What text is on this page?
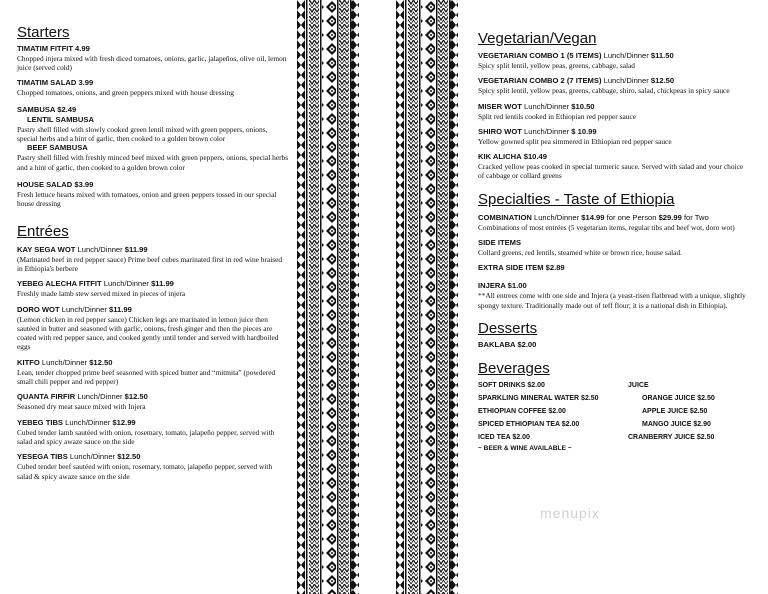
Starters
TIMATIM FITFIT 4.99
Chopped injera mixed with fresh diced tomatoes, onions, garlic, jalapeños, olive oil, lemon juice (served cold)
TIMATIM SALAD 3.99
Chopped tomatoes, onions, and green peppers mixed with house dressing
SAMBUSA $2.49
LENTIL SAMBUSA
Pastry shell filled with slowly cooked green lentil mixed with green peppers, onions, special herbs and a hint of garlic, then cooked to a golden brown color
BEEF SAMBUSA
Pastry shell filled with freshly minced beef mixed with green peppers, onions, special herbs and a hint of garlic, then cooked to a golden brown color
HOUSE SALAD $3.99
Fresh lettuce hearts mixed with tomatoes, onion and green peppers tossed in our special house dressing
Entrées
KAY SEGA WOT Lunch/Dinner $11.99
(Marinated beef in red pepper sauce) Prime beef cubes marinated first in red wine braised in Ethiopia's berbere
YEBEG ALECHA FITFIT Lunch/Dinner $11.99
Freshly made lamb stew served mixed in pieces of injera
DORO WOT Lunch/Dinner $11.99
(Lemon chicken in red pepper sauce) Chicken legs are marinated in lemon juice then sautéed in butter and seasoned with garlic, onions, fresh ginger and then the pieces are coated with red pepper sauce, and cooked gently until tender and served with hardboiled eggs
KITFO Lunch/Dinner $12.50
Lean, tender chopped prime beef seasoned with spiced butter and “mitmita” (powdered small chili pepper and red pepper)
QUANTA FIRFIR Lunch/Dinner $12.50
Seasoned dry meat sauce mixed with Injera
YEBEG TIBS Lunch/Dinner $12.99
Cubed tender lamb sautéed with onion, rosemary, tomato, jalapeño pepper, served with salad and spicy awaze sauce on the side
YESEGA TIBS Lunch/Dinner $12.50
Cubed tender beef sautéed with onion, rosemary, tomato, jalapeño pepper, served with salad & spicy awaze sauce on the side
Vegetarian/Vegan
VEGETARIAN COMBO 1 (5 ITEMS) Lunch/Dinner $11.50
Spicy split lentil, yellow peas, greens, cabbage, salad
VEGETARIAN COMBO 2 (7 ITEMS) Lunch/Dinner $12.50
Spicy split lentil, yellow peas, greens, cabbage, shiro, salad, chickpeas in spicy sauce
MISER WOT Lunch/Dinner $10.50
Split red lentils cooked in Ethiopian red pepper sauce
SHIRO WOT Lunch/Dinner $ 10.99
Yellow gowned split pea simmered in Ethiopian red pepper sauce
KIK ALICHA $10.49
Cracked yellow peas cooked in special turmeric sauce. Served with salad and your choice of cabbage or collard greens
Specialties - Taste of Ethiopia
COMBINATION Lunch/Dinner $14.99 for one Person $29.99 for Two
Combinations of most entrées (5 vegetarian items, regular tibs and beef wot, doro wot)
SIDE ITEMS
Collard greens, red lentils, steamed white or brown rice, house salad.
EXTRA SIDE ITEM $2.89
INJERA $1.00
**All entrees come with one side and Injera (a yeast-risen flatbread with a unique, slightly spongy texture. Traditionally made out of teff flour; it is a national dish in Ethiopia).
Desserts
BAKLABA $2.00
Beverages
SOFT DRINKS $2.00	JUICE
SPARKLING MINERAL WATER $2.50	ORANGE JUICE $2.50
ETHIOPIAN COFFEE $2.00	APPLE JUICE $2.50
SPICED ETHIOPIAN TEA $2.00	MANGO JUICE $2.90
ICED TEA $2.00	CRANBERRY JUICE $2.50
~ BEER & WINE AVAILABLE ~
menupix
